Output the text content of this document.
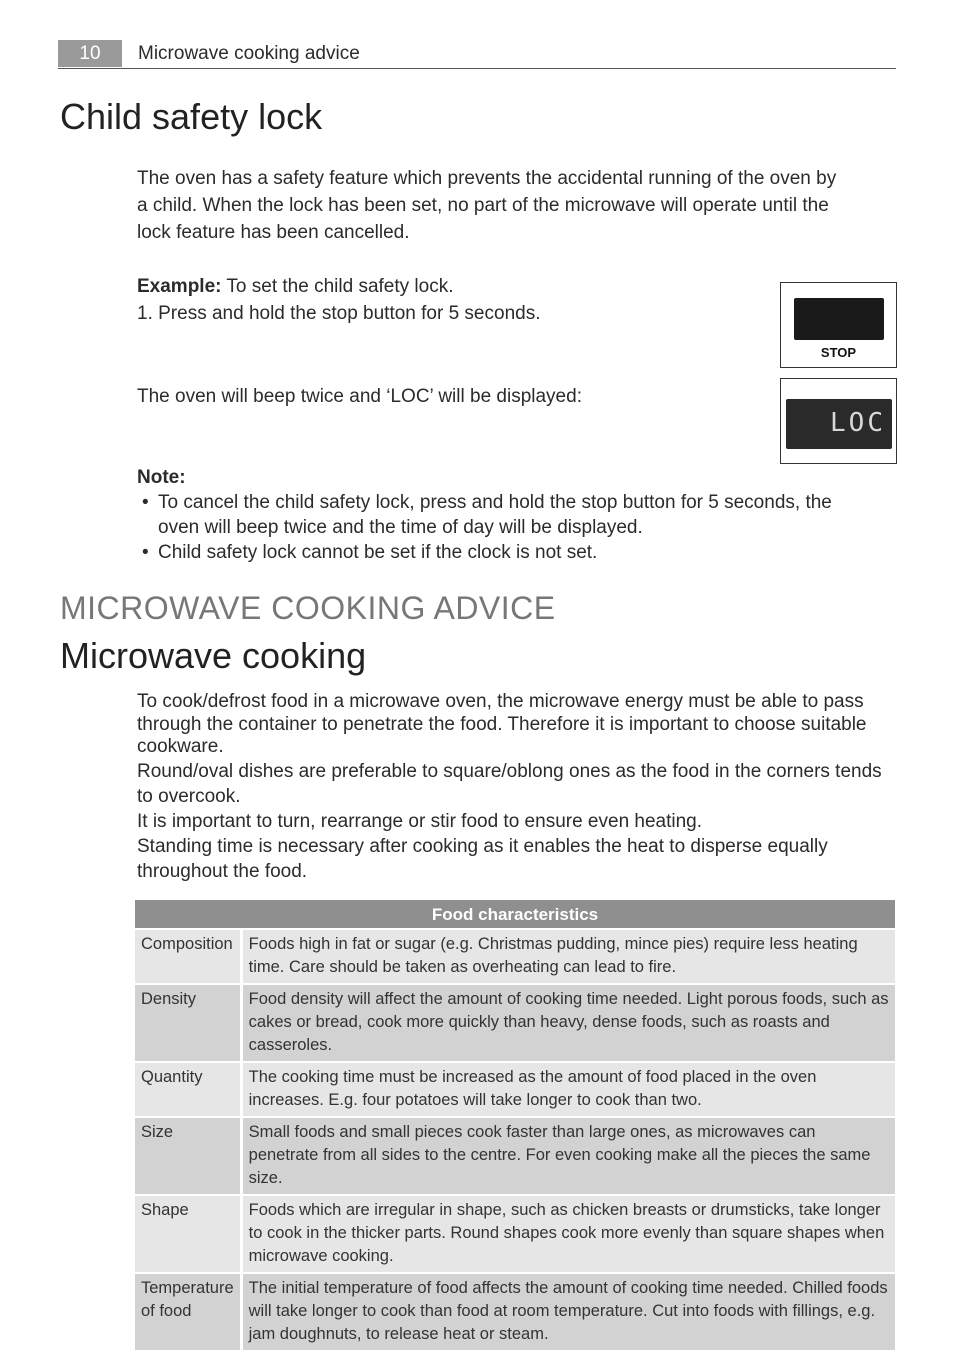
10	Microwave cooking advice
Child safety lock
The oven has a safety feature which prevents the accidental running of the oven by
a child. When the lock has been set, no part of the microwave will operate until the
lock feature has been cancelled.
Example: To set the child safety lock.
1. Press and hold the stop button for 5 seconds.
STOP
The oven will beep twice and ‘LOC’ will be displayed:
LOC
Note:
• To cancel the child safety lock, press and hold the stop button for 5 seconds, the oven will beep twice and the time of day will be displayed.
• Child safety lock cannot be set if the clock is not set.
MICROWAVE COOKING ADVICE
Microwave cooking

To cook/defrost food in a microwave oven, the microwave energy must be able to pass through the container to penetrate the food. Therefore it is important to choose suitable cookware.

Round/oval dishes are preferable to square/oblong ones as the food in the corners tends to overcook.

It is important to turn, rearrange or stir food to ensure even heating.

Standing time is necessary after cooking as it enables the heat to disperse equally throughout the food.

Food characteristics	
Composition	Foods high in fat or sugar (e.g. Christmas pudding, mince pies) require less heating time. Care should be taken as overheating can lead to fire.
Density	Food density will affect the amount of cooking time needed. Light porous foods, such as cakes or bread, cook more quickly than heavy, dense foods, such as roasts and casseroles.
Quantity	The cooking time must be increased as the amount of food placed in the oven increases. E.g. four potatoes will take longer to cook than two.
Size	Small foods and small pieces cook faster than large ones, as microwaves can penetrate from all sides to the centre. For even cooking make all the pieces the same size.
Shape	Foods which are irregular in shape, such as chicken breasts or drumsticks, take longer to cook in the thicker parts. Round shapes cook more evenly than square shapes when microwave cooking.
Temperature of food	The initial temperature of food affects the amount of cooking time needed. Chilled foods will take longer to cook than food at room temperature. Cut into foods with fillings, e.g. jam doughnuts, to release heat or steam.
